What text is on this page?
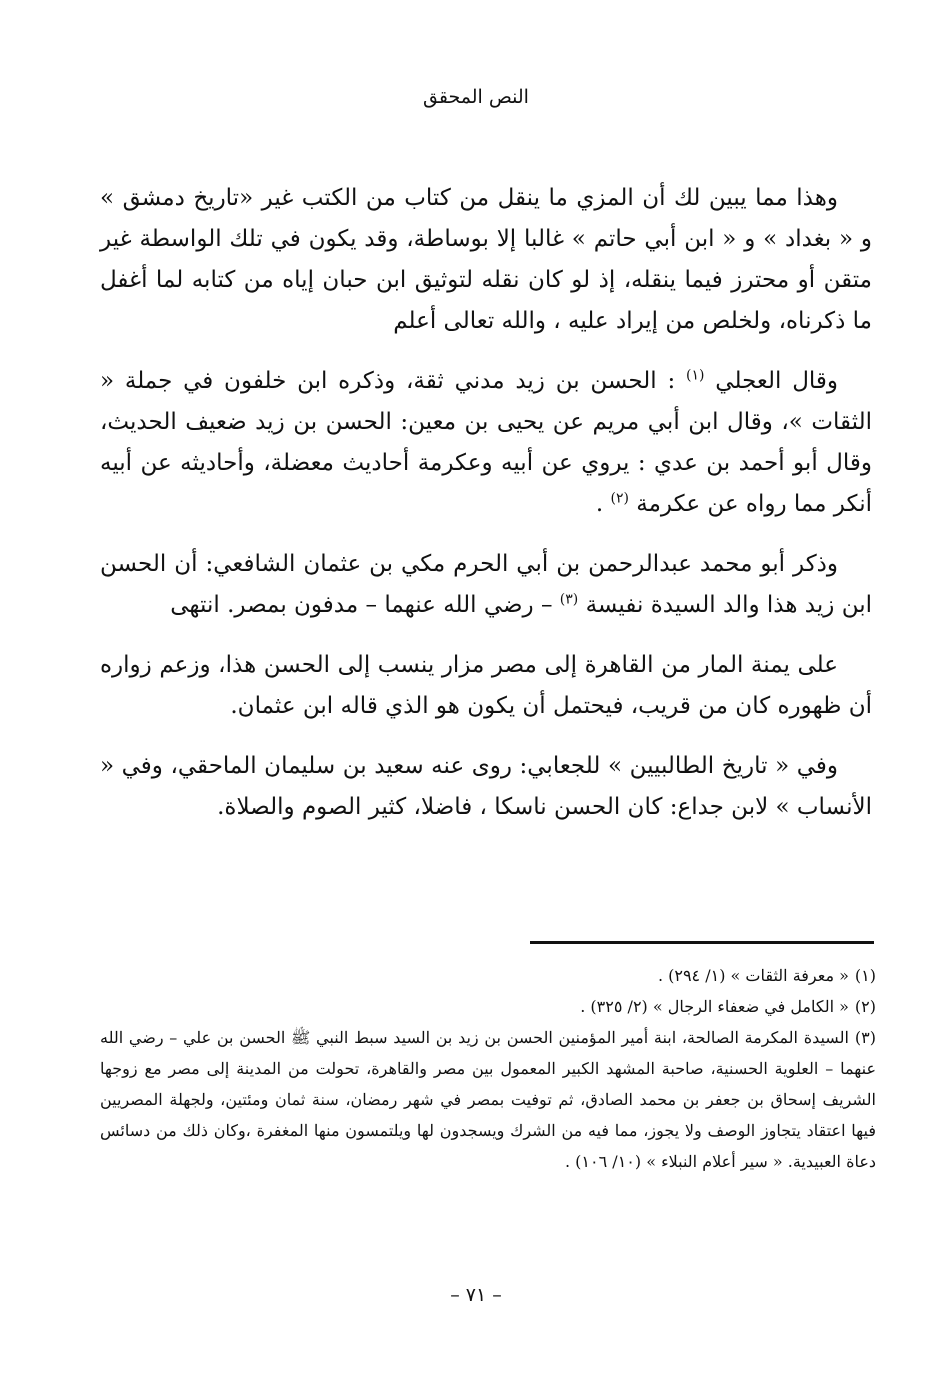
النص المحقق

وهذا مما يبين لك أن المزي ما ينقل من كتاب من الكتب غير «تاريخ دمشق » و « بغداد » و « ابن أبي حاتم » غالبا إلا بوساطة، وقد يكون في تلك الواسطة غير متقن أو محترز فيما ينقله، إذ لو كان نقله لتوثيق ابن حبان إياه من كتابه لما أغفل ما ذكرناه، ولخلص من إيراد عليه ، والله تعالى أعلم

وقال العجلي $^{(١)}$ : الحسن بن زيد مدني ثقة، وذكره ابن خلفون في جملة « الثقات »، وقال ابن أبي مريم عن يحيى بن معين: الحسن بن زيد ضعيف الحديث، وقال أبو أحمد بن عدي : يروي عن أبيه وعكرمة أحاديث معضلة، وأحاديثه عن أبيه أنكر مما رواه عن عكرمة $^{(٢)}$ .

وذكر أبو محمد عبدالرحمن بن أبي الحرم مكي بن عثمان الشافعي: أن الحسن ابن زيد هذا والد السيدة نفيسة $^{(٣)}$ – رضي الله عنهما – مدفون بمصر. انتهى

على يمنة المار من القاهرة إلى مصر مزار ينسب إلى الحسن هذا، وزعم زواره أن ظهوره كان من قريب، فيحتمل أن يكون هو الذي قاله ابن عثمان.

وفي « تاريخ الطالبيين » للجعابي: روى عنه سعيد بن سليمان الماحقي، وفي « الأنساب » لابن جداع: كان الحسن ناسكا ، فاضلا، كثير الصوم والصلاة.

(١)« معرفة الثقات » (١/ ٢٩٤) .

(٢)« الكامل في ضعفاء الرجال » (٢/ ٣٢٥) .

(٣)السيدة المكرمة الصالحة، ابنة أمير المؤمنين الحسن بن زيد بن السيد سبط النبي ﷺ الحسن بن علي – رضي الله عنهما – العلوية الحسنية، صاحبة المشهد الكبير المعمول بين مصر والقاهرة، تحولت من المدينة إلى مصر مع زوجها الشريف إسحاق بن جعفر بن محمد الصادق، ثم توفيت بمصر في شهر رمضان، سنة ثمان ومئتين، ولجهلة المصريين فيها اعتقاد يتجاوز الوصف ولا يجوز، مما فيه من الشرك ويسجدون لها ويلتمسون منها المغفرة ،وكان ذلك من دسائس دعاة العبيدية. « سير أعلام النبلاء » (١٠/ ١٠٦) .

– ٧١ –
